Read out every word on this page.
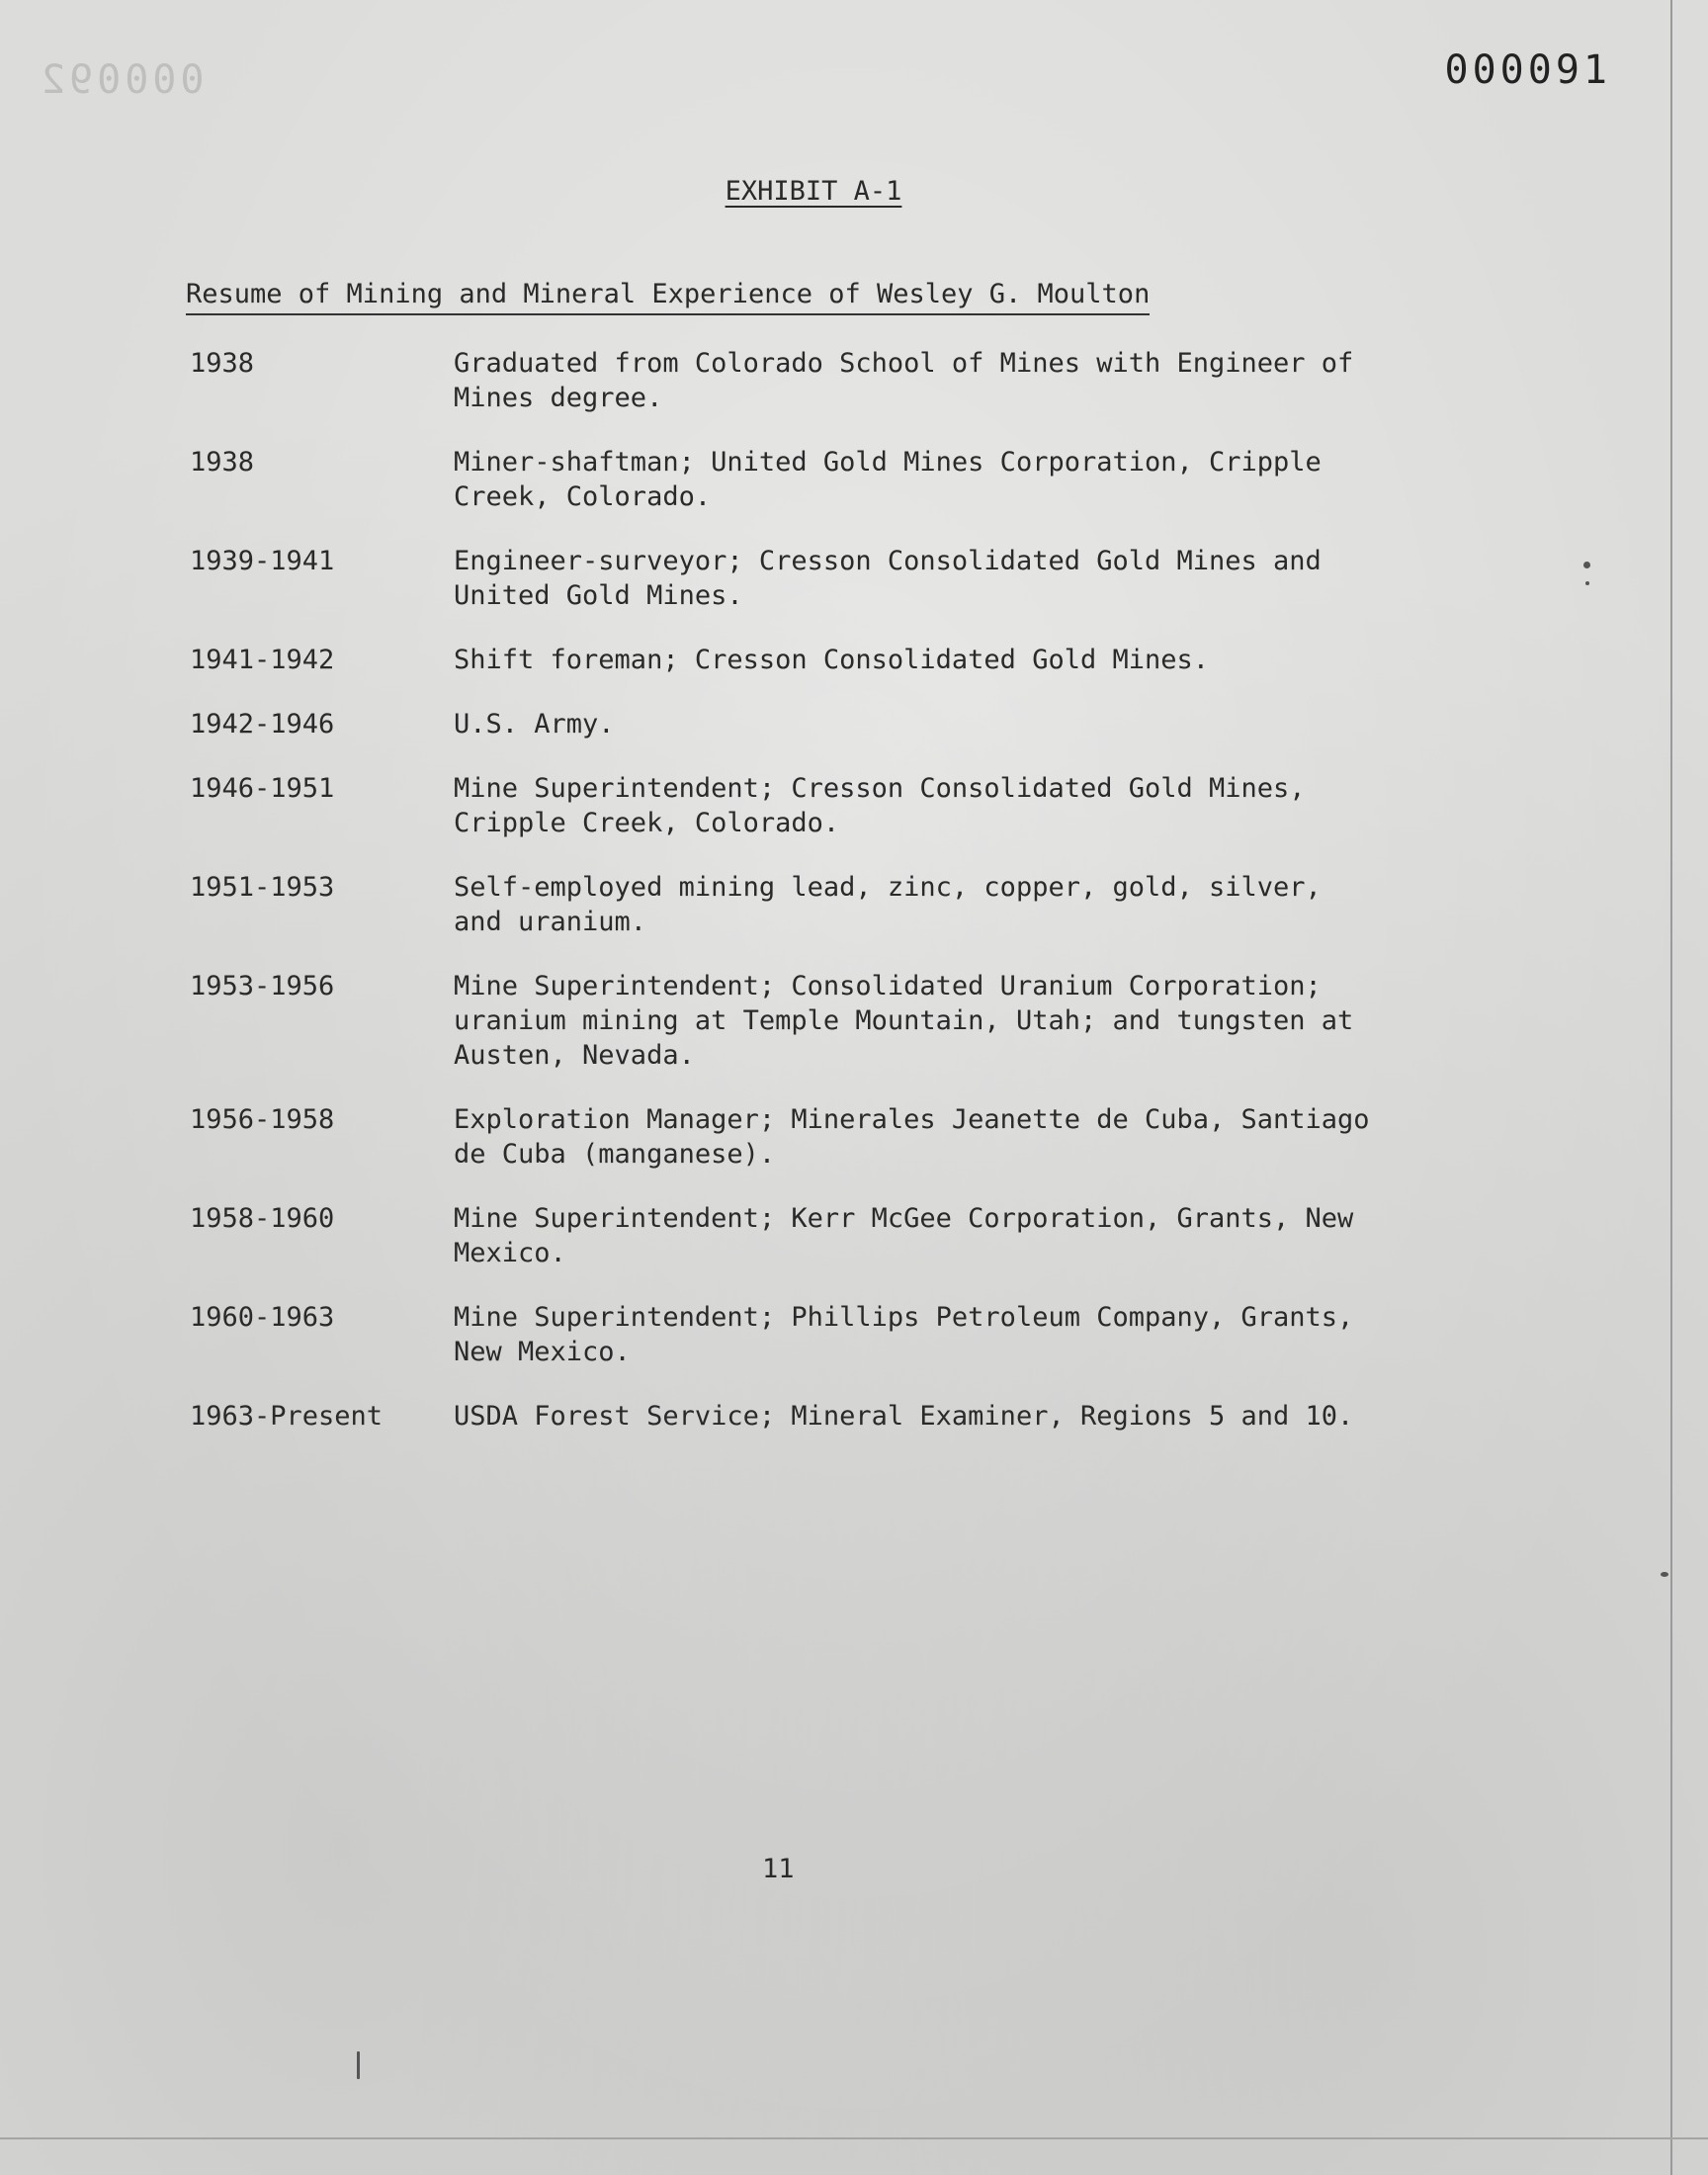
000092	000091
EXHIBIT A-1
Resume of Mining and Mineral Experience of Wesley G. Moulton
1938	Graduated from Colorado School of Mines with Engineer of
Mines degree.
1938	Miner-shaftman; United Gold Mines Corporation, Cripple
Creek, Colorado.
1939-1941	Engineer-surveyor; Cresson Consolidated Gold Mines and
United Gold Mines.
1941-1942	Shift foreman; Cresson Consolidated Gold Mines.
1942-1946	U.S. Army.
1946-1951	Mine Superintendent; Cresson Consolidated Gold Mines,
Cripple Creek, Colorado.
1951-1953	Self-employed mining lead, zinc, copper, gold, silver,
and uranium.
1953-1956	Mine Superintendent; Consolidated Uranium Corporation;
uranium mining at Temple Mountain, Utah; and tungsten at
Austen, Nevada.
1956-1958	Exploration Manager; Minerales Jeanette de Cuba, Santiago
de Cuba (manganese).
1958-1960	Mine Superintendent; Kerr McGee Corporation, Grants, New
Mexico.
1960-1963	Mine Superintendent; Phillips Petroleum Company, Grants,
New Mexico.
1963-Present	USDA Forest Service; Mineral Examiner, Regions 5 and 10.
11
